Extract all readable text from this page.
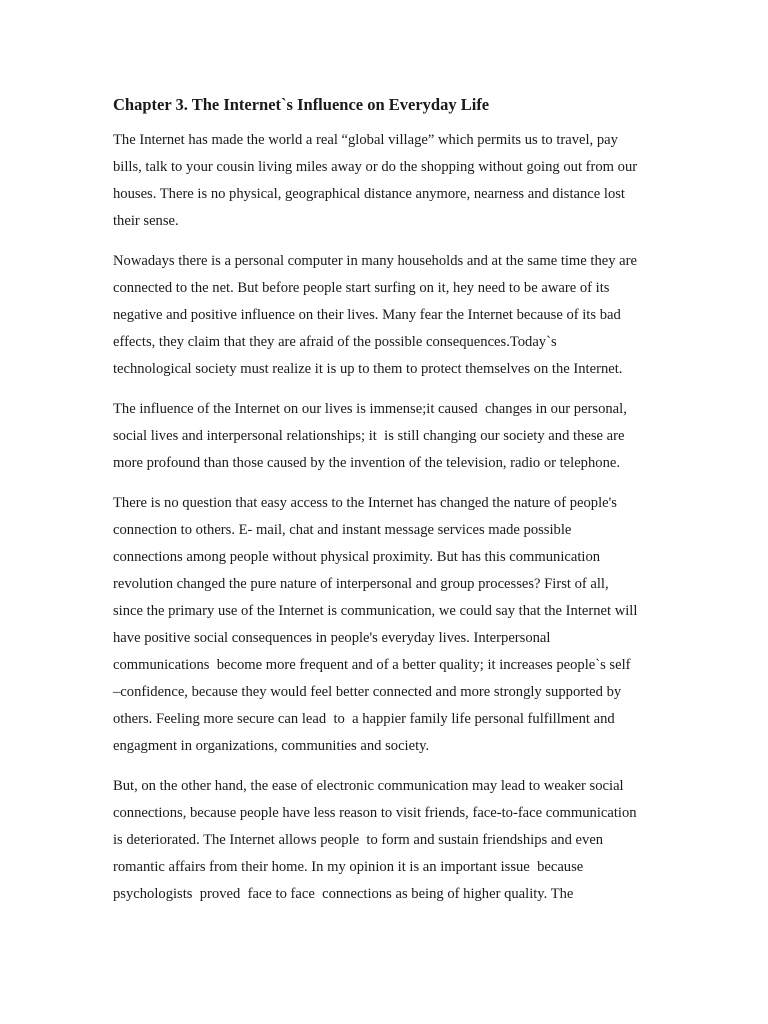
Chapter 3. The Internet`s Influence on Everyday Life
The Internet has made the world a real “global village” which permits us to travel, pay
bills, talk to your cousin living miles away or do the shopping without going out from our
houses. There is no physical, geographical distance anymore, nearness and distance lost
their sense.
Nowadays there is a personal computer in many households and at the same time they are
connected to the net. But before people start surfing on it, hey need to be aware of its
negative and positive influence on their lives. Many fear the Internet because of its bad
effects, they claim that they are afraid of the possible consequences.Today`s
technological society must realize it is up to them to protect themselves on the Internet.
The influence of the Internet on our lives is immense;it caused  changes in our personal,
social lives and interpersonal relationships; it  is still changing our society and these are
more profound than those caused by the invention of the television, radio or telephone.
There is no question that easy access to the Internet has changed the nature of people's
connection to others. E- mail, chat and instant message services made possible
connections among people without physical proximity. But has this communication
revolution changed the pure nature of interpersonal and group processes? First of all,
since the primary use of the Internet is communication, we could say that the Internet will
have positive social consequences in people's everyday lives. Interpersonal
communications  become more frequent and of a better quality; it increases people`s self
–confidence, because they would feel better connected and more strongly supported by
others. Feeling more secure can lead  to  a happier family life personal fulfillment and
engagment in organizations, communities and society.
But, on the other hand, the ease of electronic communication may lead to weaker social
connections, because people have less reason to visit friends, face-to-face communication
is deteriorated. The Internet allows people  to form and sustain friendships and even
romantic affairs from their home. In my opinion it is an important issue  because
psychologists  proved  face to face  connections as being of higher quality. The
